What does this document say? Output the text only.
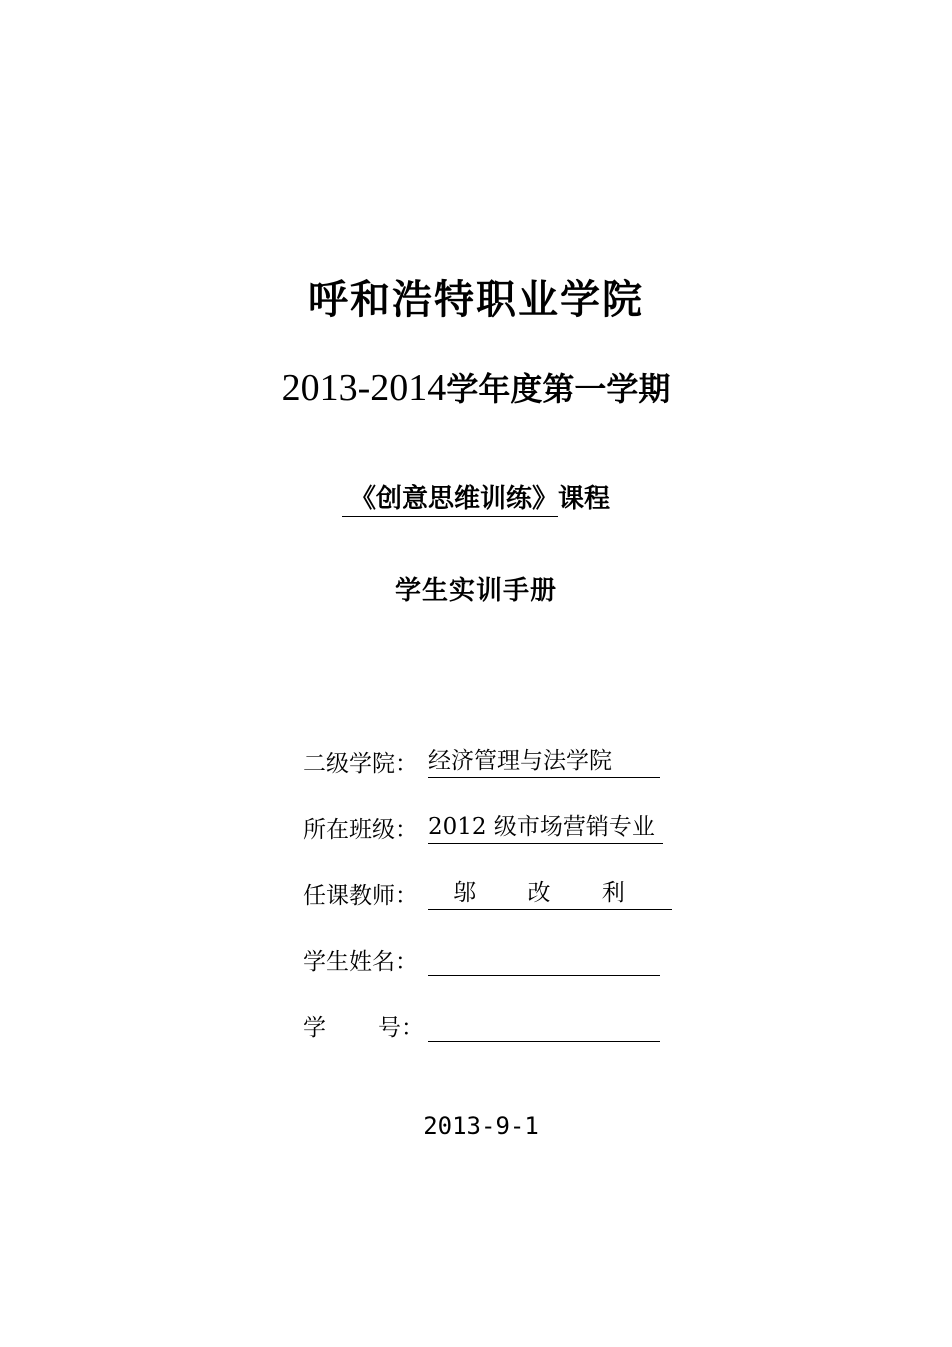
呼和浩特职业学院
2013-2014学年度第一学期
《创意思维训练》课程
学生实训手册
二级学院： 经济管理与法学院
所在班级： 2012 级市场营销专业
任课教师：	邬 改 利
学生姓名：
学 号：
2013-9-1
